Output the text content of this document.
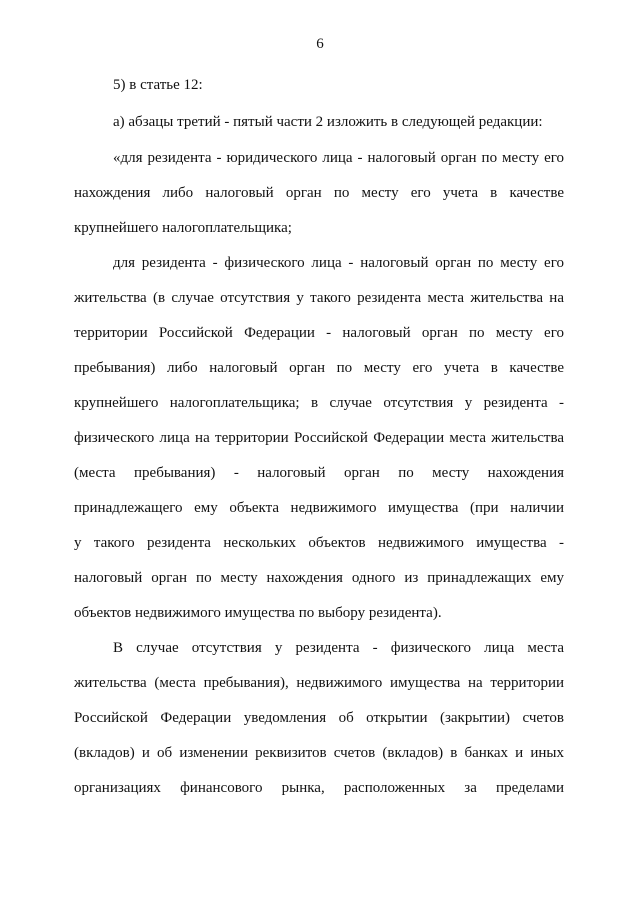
6
5) в статье 12:
а) абзацы третий - пятый части 2 изложить в следующей редакции:
«для резидента - юридического лица - налоговый орган по месту его
нахождения либо налоговый орган по месту его учета в качестве
крупнейшего налогоплательщика;
для резидента - физического лица - налоговый орган по месту его
жительства (в случае отсутствия у такого резидента места жительства на
территории Российской Федерации - налоговый орган по месту его
пребывания) либо налоговый орган по месту его учета в качестве
крупнейшего налогоплательщика; в случае отсутствия у резидента -
физического лица на территории Российской Федерации места жительства
(места пребывания) - налоговый орган по месту нахождения
принадлежащего ему объекта недвижимого имущества (при наличии
у такого резидента нескольких объектов недвижимого имущества -
налоговый орган по месту нахождения одного из принадлежащих ему
объектов недвижимого имущества по выбору резидента).
В случае отсутствия у резидента - физического лица места
жительства (места пребывания), недвижимого имущества на территории
Российской Федерации уведомления об открытии (закрытии) счетов
(вкладов) и об изменении реквизитов счетов (вкладов) в банках и иных
организациях финансового рынка, расположенных за пределами
